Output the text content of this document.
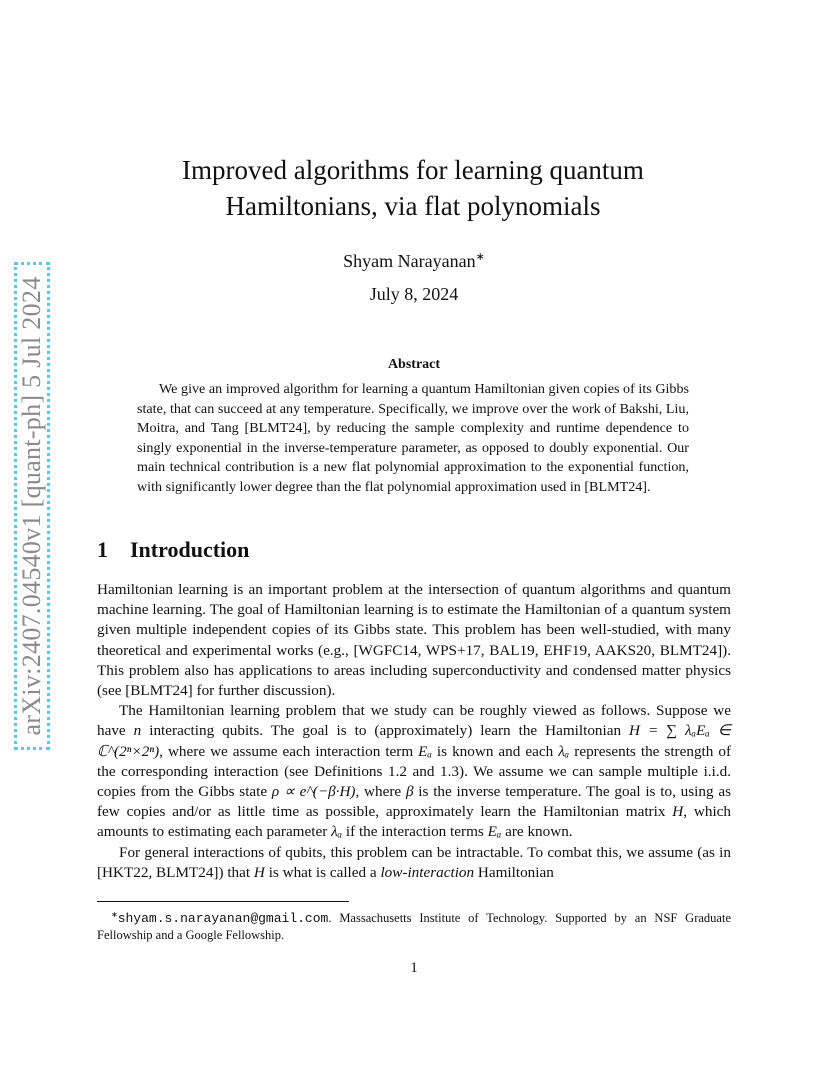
arXiv:2407.04540v1 [quant-ph] 5 Jul 2024
Improved algorithms for learning quantum Hamiltonians, via flat polynomials
Shyam Narayanan∗
July 8, 2024
Abstract
We give an improved algorithm for learning a quantum Hamiltonian given copies of its Gibbs state, that can succeed at any temperature. Specifically, we improve over the work of Bakshi, Liu, Moitra, and Tang [BLMT24], by reducing the sample complexity and runtime dependence to singly exponential in the inverse-temperature parameter, as opposed to doubly exponential. Our main technical contribution is a new flat polynomial approximation to the exponential function, with significantly lower degree than the flat polynomial approximation used in [BLMT24].
1 Introduction

Hamiltonian learning is an important problem at the intersection of quantum algorithms and quantum machine learning. The goal of Hamiltonian learning is to estimate the Hamiltonian of a quantum system given multiple independent copies of its Gibbs state. This problem has been well-studied, with many theoretical and experimental works (e.g., [WGFC14, WPS+17, BAL19, EHF19, AAKS20, BLMT24]). This problem also has applications to areas including superconductivity and condensed matter physics (see [BLMT24] for further discussion).

The Hamiltonian learning problem that we study can be roughly viewed as follows. Suppose we have n interacting qubits. The goal is to (approximately) learn the Hamiltonian H = ∑ λₐEₐ ∈ ℂ^(2ⁿ×2ⁿ), where we assume each interaction term Eₐ is known and each λₐ represents the strength of the corresponding interaction (see Definitions 1.2 and 1.3). We assume we can sample multiple i.i.d. copies from the Gibbs state ρ ∝ e^(−β·H), where β is the inverse temperature. The goal is to, using as few copies and/or as little time as possible, approximately learn the Hamiltonian matrix H, which amounts to estimating each parameter λₐ if the interaction terms Eₐ are known.

For general interactions of qubits, this problem can be intractable. To combat this, we assume (as in [HKT22, BLMT24]) that H is what is called a low-interaction Hamiltonian

∗shyam.s.narayanan@gmail.com. Massachusetts Institute of Technology. Supported by an NSF Graduate Fellowship and a Google Fellowship.
1
